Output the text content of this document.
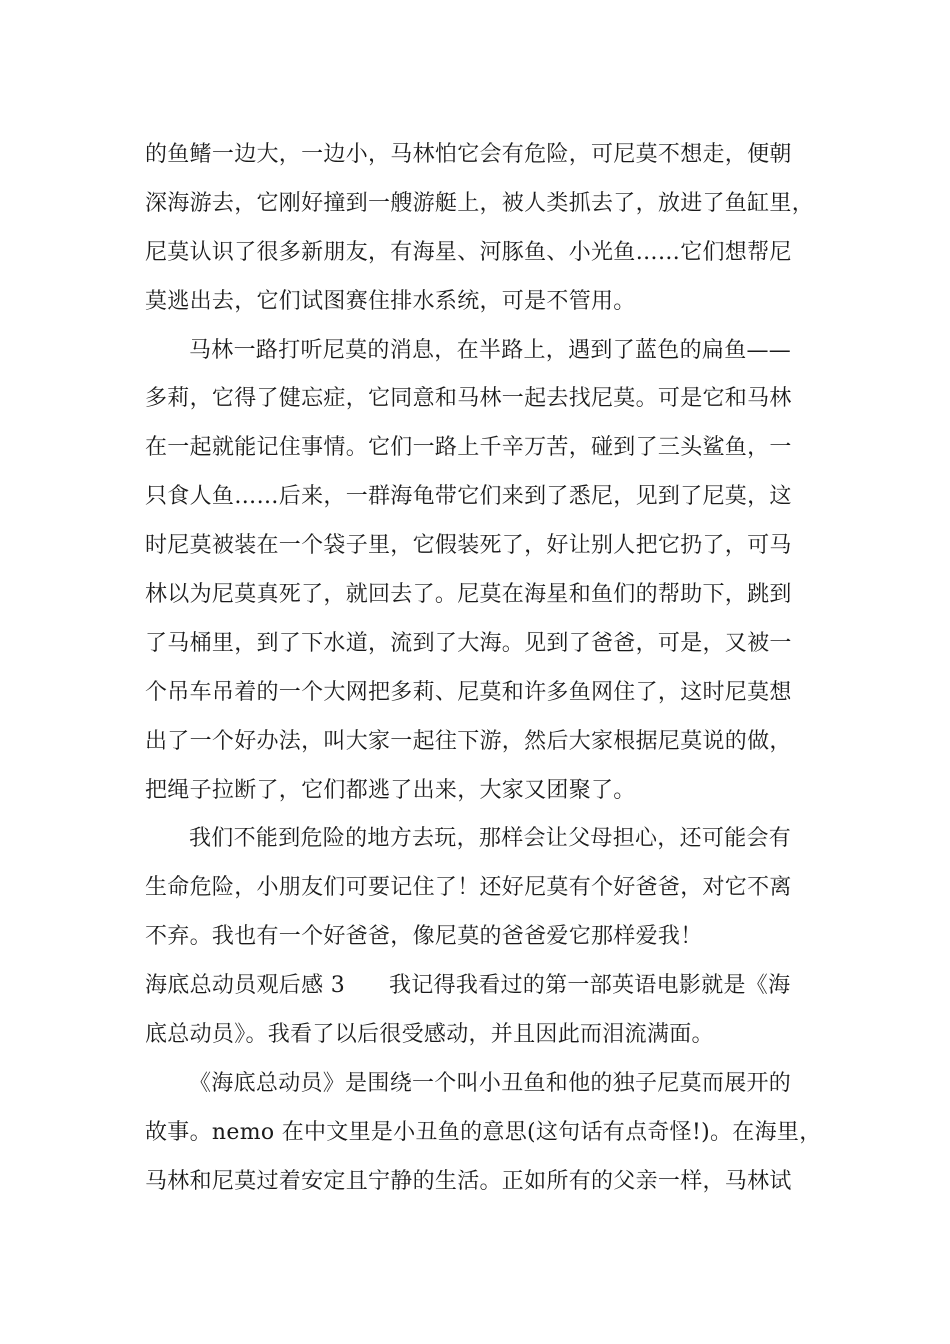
的鱼鳍一边大，一边小，马林怕它会有危险，可尼莫不想走，便朝
深海游去，它刚好撞到一艘游艇上，被人类抓去了，放进了鱼缸里，
尼莫认识了很多新朋友，有海星、河豚鱼、小光鱼……它们想帮尼
莫逃出去，它们试图赛住排水系统，可是不管用。
马林一路打听尼莫的消息，在半路上，遇到了蓝色的扁鱼——
多莉，它得了健忘症，它同意和马林一起去找尼莫。可是它和马林
在一起就能记住事情。它们一路上千辛万苦，碰到了三头鲨鱼，一
只食人鱼……后来，一群海龟带它们来到了悉尼，见到了尼莫，这
时尼莫被装在一个袋子里，它假装死了，好让别人把它扔了，可马
林以为尼莫真死了，就回去了。尼莫在海星和鱼们的帮助下，跳到
了马桶里，到了下水道，流到了大海。见到了爸爸，可是，又被一
个吊车吊着的一个大网把多莉、尼莫和许多鱼网住了，这时尼莫想
出了一个好办法，叫大家一起往下游，然后大家根据尼莫说的做，
把绳子拉断了，它们都逃了出来，大家又团聚了。
我们不能到危险的地方去玩，那样会让父母担心，还可能会有
生命危险，小朋友们可要记住了！还好尼莫有个好爸爸，对它不离
不弃。我也有一个好爸爸，像尼莫的爸爸爱它那样爱我！
海底总动员观后感 3 我记得我看过的第一部英语电影就是《海
底总动员》。我看了以后很受感动，并且因此而泪流满面。
《海底总动员》是围绕一个叫小丑鱼和他的独子尼莫而展开的
故事。nemo 在中文里是小丑鱼的意思(这句话有点奇怪!)。在海里，
马林和尼莫过着安定且宁静的生活。正如所有的父亲一样，马林试
